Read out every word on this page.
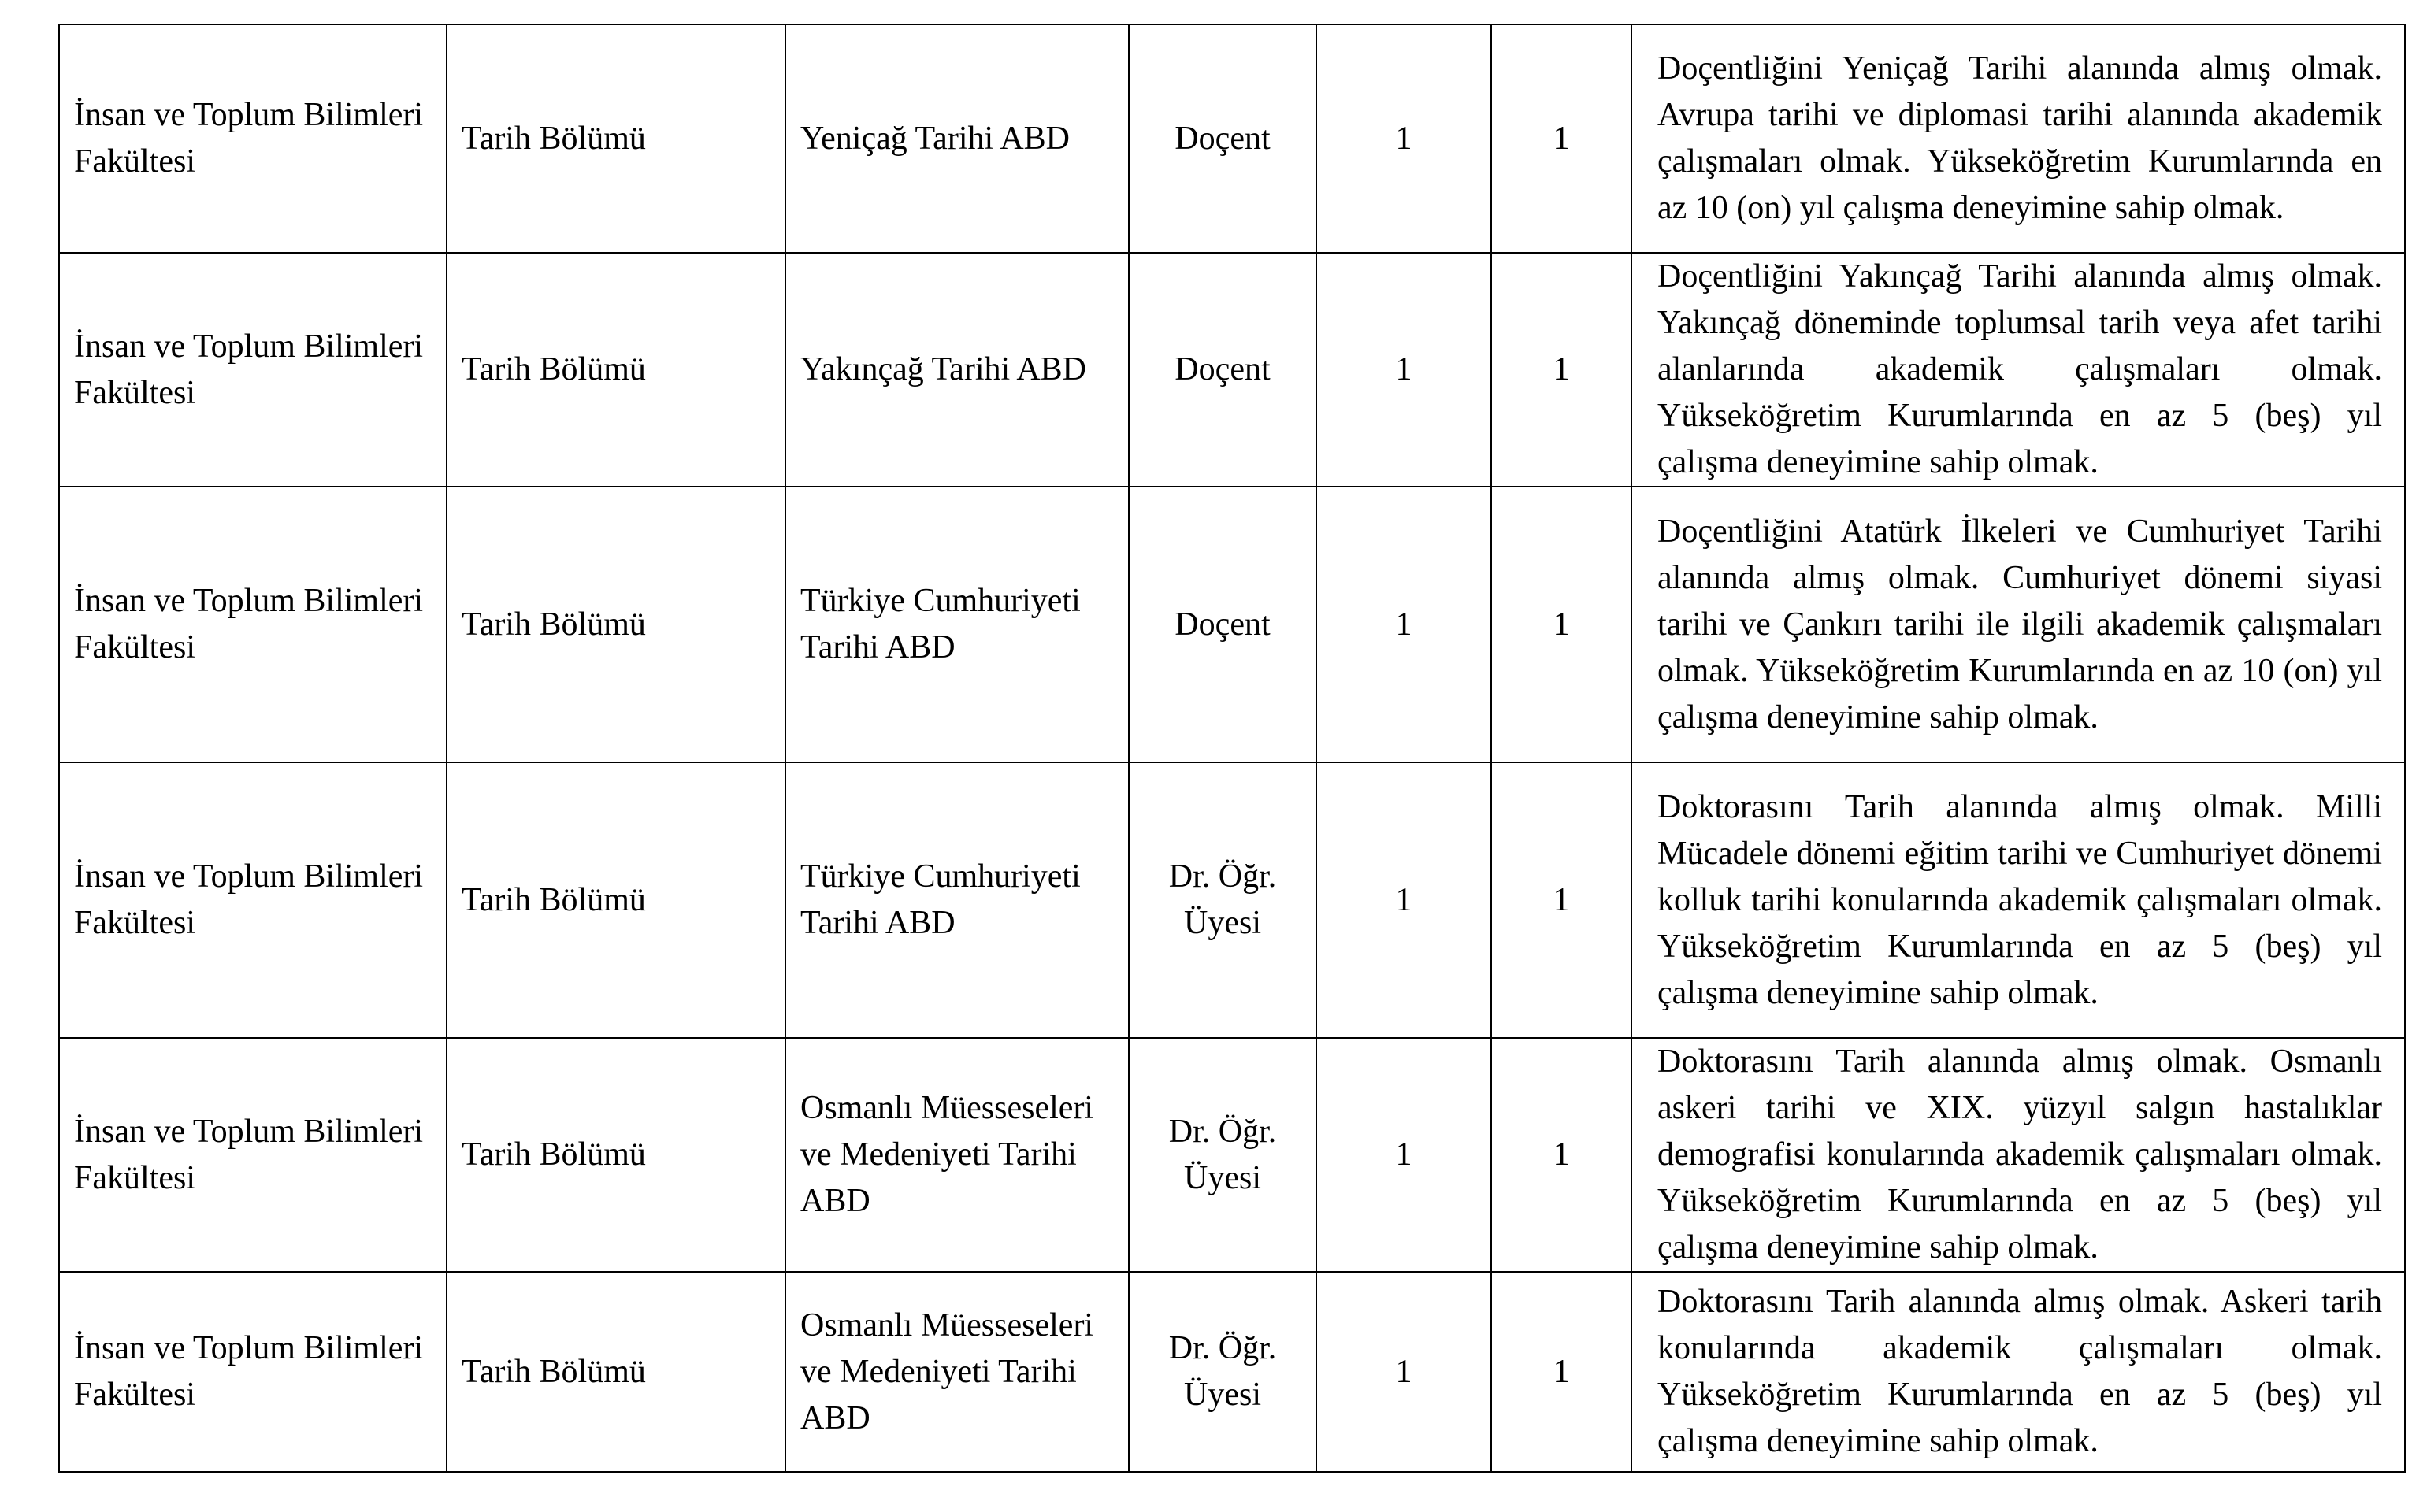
İnsan ve Toplum Bilimleri Fakültesi	Tarih Bölümü	Yeniçağ Tarihi ABD	Doçent	1	1	Doçentliğini Yeniçağ Tarihi alanında almış olmak. Avrupa tarihi ve diplomasi tarihi alanında akademik çalışmaları olmak. Yükseköğretim Kurumlarında en az 10 (on) yıl çalışma deneyimine sahip olmak.
İnsan ve Toplum Bilimleri Fakültesi	Tarih Bölümü	Yakınçağ Tarihi ABD	Doçent	1	1	Doçentliğini Yakınçağ Tarihi alanında almış olmak. Yakınçağ döneminde toplumsal tarih veya afet tarihi alanlarında akademik çalışmaları olmak. Yükseköğretim Kurumlarında en az 5 (beş) yıl çalışma deneyimine sahip olmak.
İnsan ve Toplum Bilimleri Fakültesi	Tarih Bölümü	Türkiye Cumhuriyeti Tarihi ABD	Doçent	1	1	Doçentliğini Atatürk İlkeleri ve Cumhuriyet Tarihi alanında almış olmak. Cumhuriyet dönemi siyasi tarihi ve Çankırı tarihi ile ilgili akademik çalışmaları olmak. Yükseköğretim Kurumlarında en az 10 (on) yıl çalışma deneyimine sahip olmak.
İnsan ve Toplum Bilimleri Fakültesi	Tarih Bölümü	Türkiye Cumhuriyeti Tarihi ABD	Dr. Öğr. Üyesi	1	1	Doktorasını Tarih alanında almış olmak. Milli Mücadele dönemi eğitim tarihi ve Cumhuriyet dönemi kolluk tarihi konularında akademik çalışmaları olmak. Yükseköğretim Kurumlarında en az 5 (beş) yıl çalışma deneyimine sahip olmak.
İnsan ve Toplum Bilimleri Fakültesi	Tarih Bölümü	Osmanlı Müesseseleri ve Medeniyeti Tarihi ABD	Dr. Öğr. Üyesi	1	1	Doktorasını Tarih alanında almış olmak. Osmanlı askeri tarihi ve XIX. yüzyıl salgın hastalıklar demografisi konularında akademik çalışmaları olmak. Yükseköğretim Kurumlarında en az 5 (beş) yıl çalışma deneyimine sahip olmak.
İnsan ve Toplum Bilimleri Fakültesi	Tarih Bölümü	Osmanlı Müesseseleri ve Medeniyeti Tarihi ABD	Dr. Öğr. Üyesi	1	1	Doktorasını Tarih alanında almış olmak. Askeri tarih konularında akademik çalışmaları olmak. Yükseköğretim Kurumlarında en az 5 (beş) yıl çalışma deneyimine sahip olmak.
